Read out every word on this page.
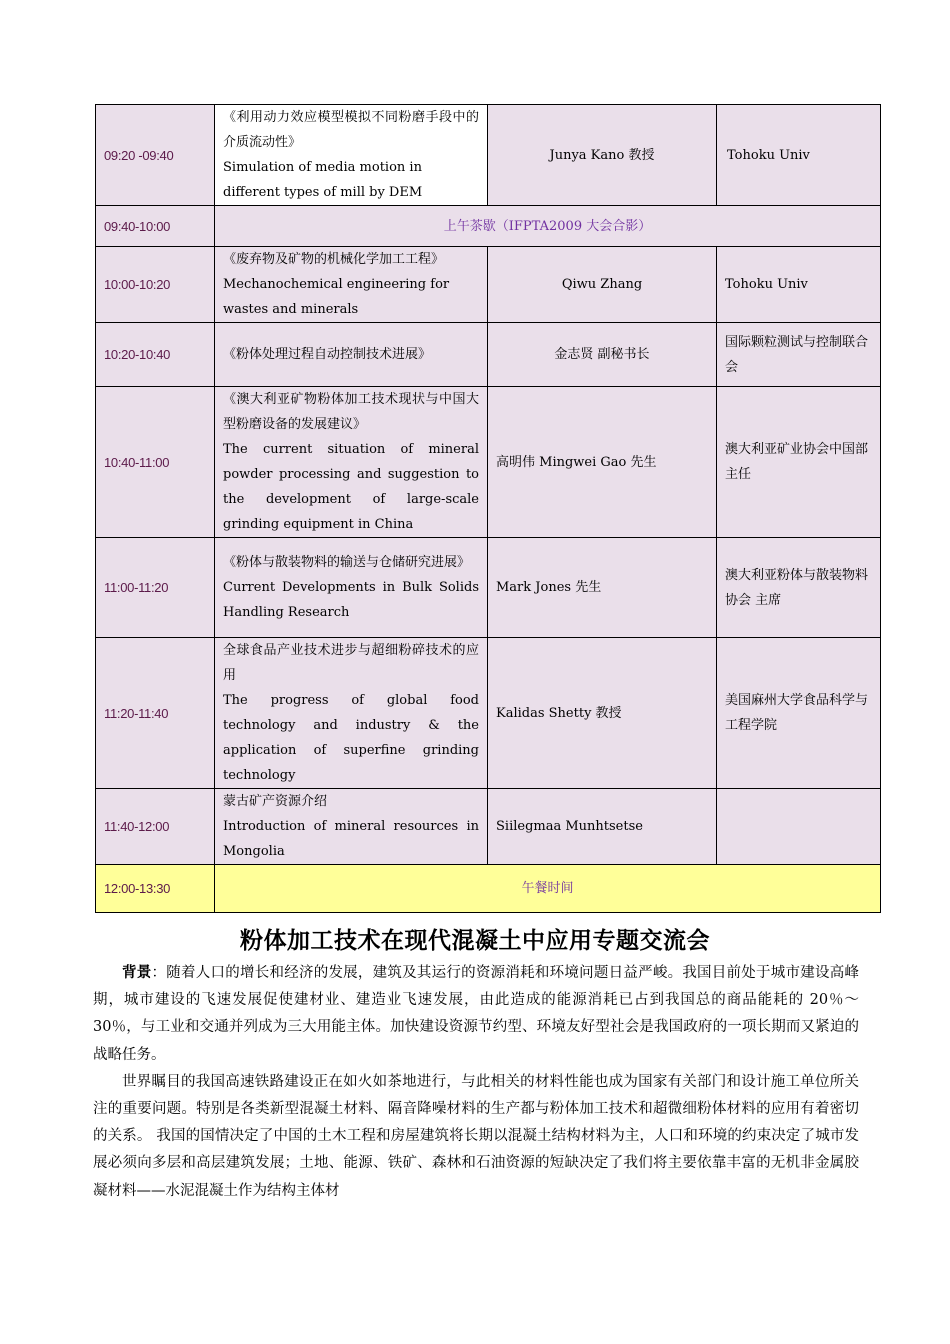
09:20 -09:40	《利用动力效应模型模拟不同粉磨手段中的介质流动性》
Simulation of media motion in different types of mill by DEM	Junya Kano 教授	Tohoku Univ
09:40-10:00	上午茶歇（IFPTA2009 大会合影）		
10:00-10:20	《废弃物及矿物的机械化学加工工程》Mechanochemical engineering for wastes and minerals	Qiwu Zhang	Tohoku Univ
10:20-10:40	《粉体处理过程自动控制技术进展》	金志贤 副秘书长	国际颗粒测试与控制联合会
10:40-11:00	《澳大利亚矿物粉体加工技术现状与中国大型粉磨设备的发展建议》
The current situation of mineral powder processing and suggestion to the development of large-scale grinding equipment in China	高明伟 Mingwei Gao 先生	澳大利亚矿业协会中国部 主任
11:00-11:20	《粉体与散装物料的输送与仓储研究进展》
Current Developments in Bulk Solids Handling Research	Mark Jones 先生	澳大利亚粉体与散装物料协会 主席
11:20-11:40	全球食品产业技术进步与超细粉碎技术的应用
The progress of global food technology and industry & the application of superfine grinding technology	Kalidas Shetty 教授	美国麻州大学食品科学与工程学院
11:40-12:00	蒙古矿产资源介绍
Introduction of mineral resources in Mongolia	Siilegmaa Munhtsetse	
12:00-13:30	午餐时间		
粉体加工技术在现代混凝土中应用专题交流会

背景：随着人口的增长和经济的发展，建筑及其运行的资源消耗和环境问题日益严峻。我国目前处于城市建设高峰期，城市建设的飞速发展促使建材业、建造业飞速发展，由此造成的能源消耗已占到我国总的商品能耗的 20％～30％，与工业和交通并列成为三大用能主体。加快建设资源节约型、环境友好型社会是我国政府的一项长期而又紧迫的战略任务。

世界瞩目的我国高速铁路建设正在如火如茶地进行，与此相关的材料性能也成为国家有关部门和设计施工单位所关注的重要问题。特别是各类新型混凝土材料、隔音降噪材料的生产都与粉体加工技术和超微细粉体材料的应用有着密切的关系。 我国的国情决定了中国的土木工程和房屋建筑将长期以混凝土结构材料为主，人口和环境的约束决定了城市发展必须向多层和高层建筑发展；土地、能源、铁矿、森林和石油资源的短缺决定了我们将主要依靠丰富的无机非金属胶凝材料——水泥混凝土作为结构主体材
